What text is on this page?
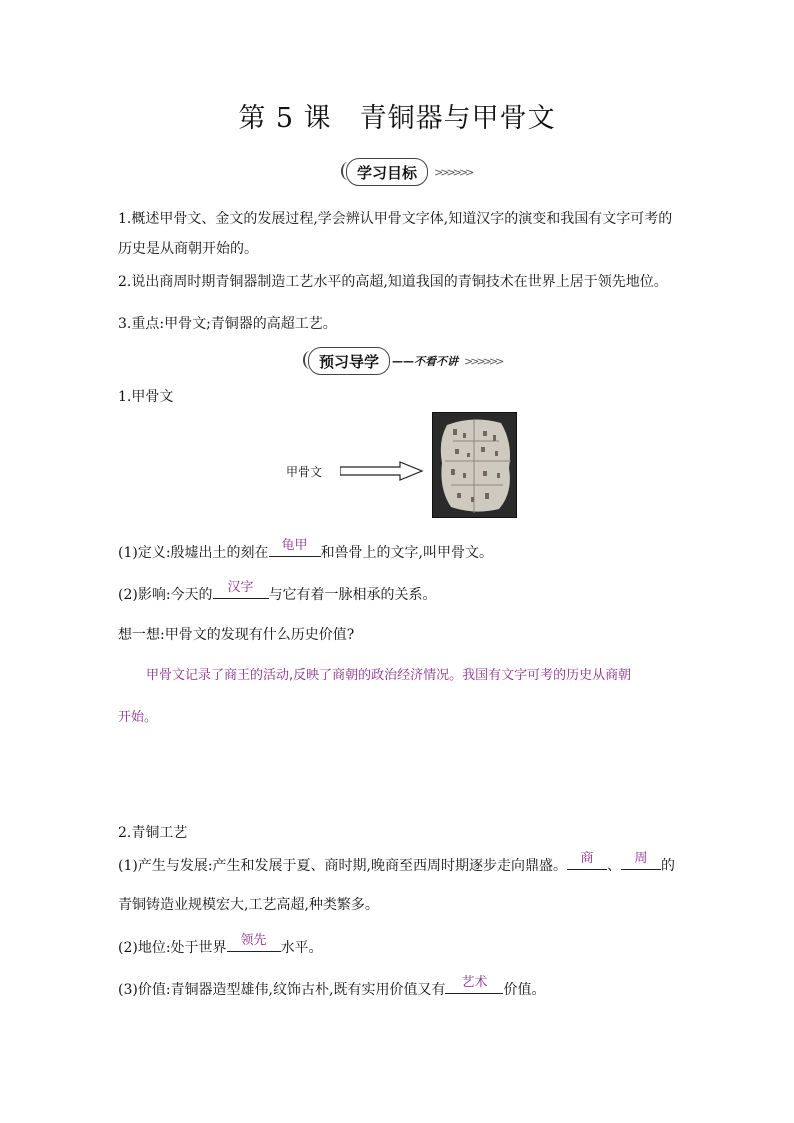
第 5 课　青铜器与甲骨文
学习目标 >>>>>>
1.概述甲骨文、金文的发展过程,学会辨认甲骨文字体,知道汉字的演变和我国有文字可考的
历史是从商朝开始的。
2.说出商周时期青铜器制造工艺水平的高超,知道我国的青铜技术在世界上居于领先地位。
3.重点:甲骨文;青铜器的高超工艺。
预习导学 ——不看不讲 >>>>>>
1.甲骨文
甲骨文
(1)定义:殷墟出土的刻在 龟甲 和兽骨上的文字,叫甲骨文。
(2)影响:今天的	汉字	与它有着一脉相承的关系。
想一想:甲骨文的发现有什么历史价值?
甲骨文记录了商王的活动,反映了商朝的政治经济情况。我国有文字可考的历史从商朝
开始。
2.青铜工艺
(1)产生与发展:产生和发展于夏、商时期,晚商至西周时期逐步走向鼎盛。	商 、	周 的
青铜铸造业规模宏大,工艺高超,种类繁多。
(2)地位:处于世界	领先	水平。
(3)价值:青铜器造型雄伟,纹饰古朴,既有实用价值又有	艺术	价值。
